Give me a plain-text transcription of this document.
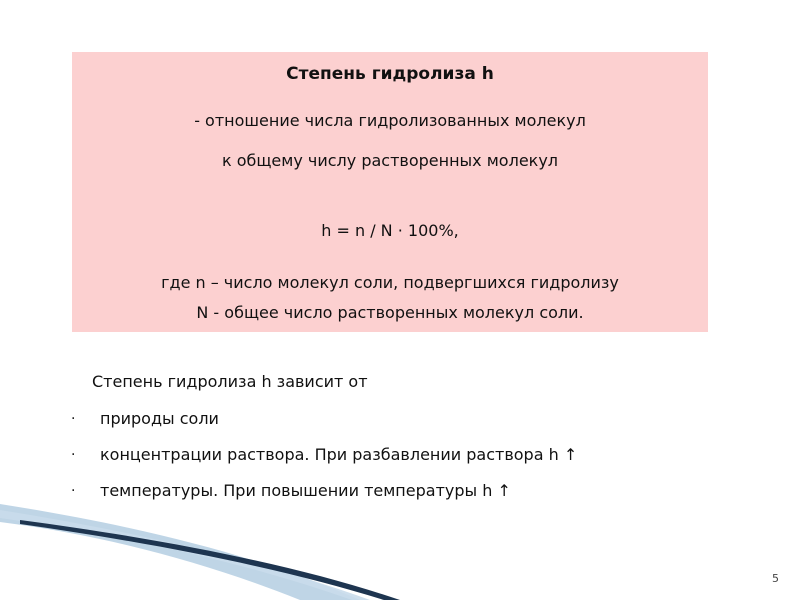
Степень гидролиза h
- отношение числа гидролизованных молекул
к общему числу растворенных молекул
h = n / N · 100%,
где n – число молекул соли, подвергшихся гидролизу
N - общее число растворенных молекул соли.
Степень гидролиза h зависит от
· природы соли
· концентрации раствора. При разбавлении раствора h ↑
· температуры. При повышении температуры h ↑
5
